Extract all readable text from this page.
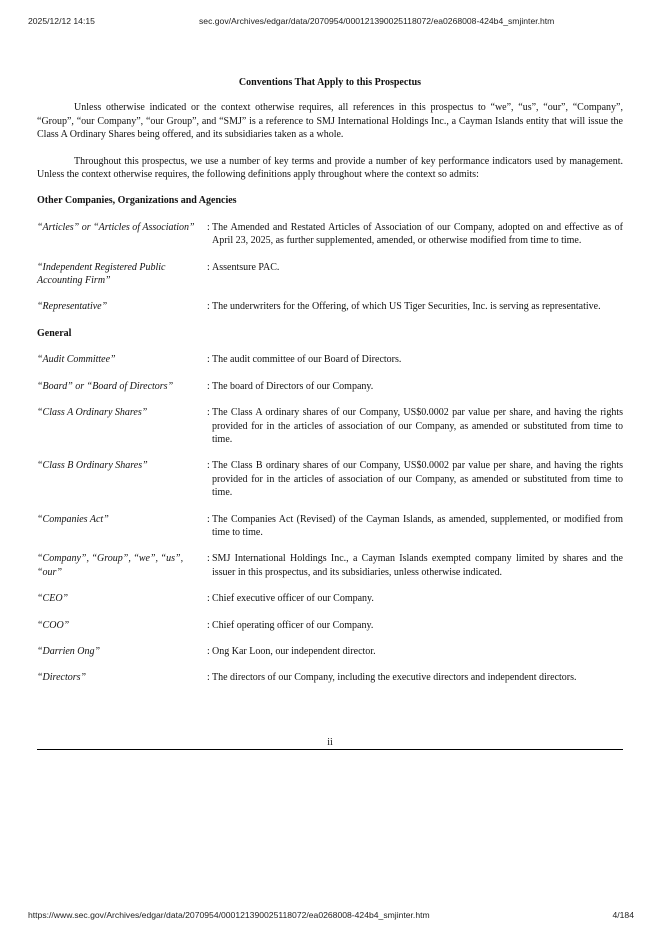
2025/12/12 14:15	sec.gov/Archives/edgar/data/2070954/000121390025118072/ea0268008-424b4_smjinter.htm
Conventions That Apply to this Prospectus

Unless otherwise indicated or the context otherwise requires, all references in this prospectus to “we”, “us”, “our”, “Company”, “Group”, “our Company”, “our Group”, and “SMJ” is a reference to SMJ International Holdings Inc., a Cayman Islands entity that will issue the Class A Ordinary Shares being offered, and its subsidiaries taken as a whole.

Throughout this prospectus, we use a number of key terms and provide a number of key performance indicators used by management. Unless the context otherwise requires, the following definitions apply throughout where the context so admits:

Other Companies, Organizations and Agencies
“Articles” or “Articles of Association”	: The Amended and Restated Articles of Association of our Company, adopted on and effective as of April 23, 2025, as further supplemented, amended, or otherwise modified from time to time.
“Independent Registered Public Accounting Firm”
: Assentsure PAC.
“Representative”	: The underwriters for the Offering, of which US Tiger Securities, Inc. is serving as representative.
General
“Audit Committee”	: The audit committee of our Board of Directors.
“Board” or “Board of Directors”	: The board of Directors of our Company.
“Class A Ordinary Shares”	: The Class A ordinary shares of our Company, US$0.0002 par value per share, and having the rights provided for in the articles of association of our Company, as amended or substituted from time to time.
“Class B Ordinary Shares”	: The Class B ordinary shares of our Company, US$0.0002 par value per share, and having the rights provided for in the articles of association of our Company, as amended or substituted from time to time.
“Companies Act”	: The Companies Act (Revised) of the Cayman Islands, as amended, supplemented, or modified from time to time.
“Company”, “Group”, “we”, “us”, “our”
: SMJ International Holdings Inc., a Cayman Islands exempted company limited by shares and the issuer in this prospectus, and its subsidiaries, unless otherwise indicated.
“CEO”	: Chief executive officer of our Company.
“COO”	: Chief operating officer of our Company.
“Darrien Ong”	: Ong Kar Loon, our independent director.
“Directors”	: The directors of our Company, including the executive directors and independent directors.
ii
https://www.sec.gov/Archives/edgar/data/2070954/000121390025118072/ea0268008-424b4_smjinter.htm	4/184
